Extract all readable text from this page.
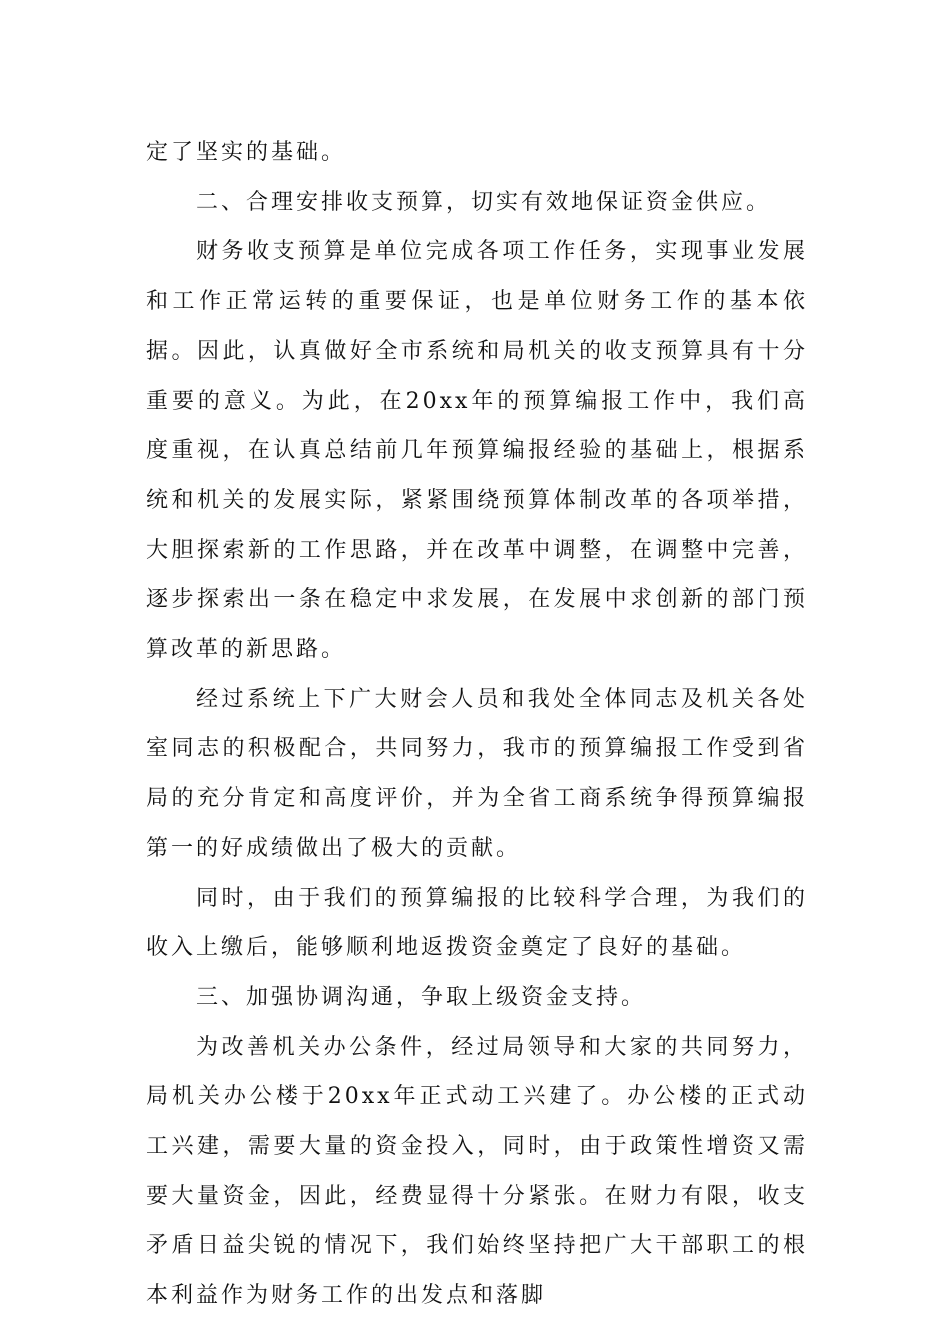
定了坚实的基础。

二、合理安排收支预算，切实有效地保证资金供应。

财务收支预算是单位完成各项工作任务，实现事业发展和工作正常运转的重要保证，也是单位财务工作的基本依据。因此，认真做好全市系统和局机关的收支预算具有十分重要的意义。为此，在20xx年的预算编报工作中，我们高度重视，在认真总结前几年预算编报经验的基础上，根据系统和机关的发展实际，紧紧围绕预算体制改革的各项举措，大胆探索新的工作思路，并在改革中调整，在调整中完善，逐步探索出一条在稳定中求发展，在发展中求创新的部门预算改革的新思路。

经过系统上下广大财会人员和我处全体同志及机关各处室同志的积极配合，共同努力，我市的预算编报工作受到省局的充分肯定和高度评价，并为全省工商系统争得预算编报第一的好成绩做出了极大的贡献。

同时，由于我们的预算编报的比较科学合理，为我们的收入上缴后，能够顺利地返拨资金奠定了良好的基础。

三、加强协调沟通，争取上级资金支持。

为改善机关办公条件，经过局领导和大家的共同努力，局机关办公楼于20xx年正式动工兴建了。办公楼的正式动工兴建，需要大量的资金投入，同时，由于政策性增资又需要大量资金，因此，经费显得十分紧张。在财力有限，收支矛盾日益尖锐的情况下，我们始终坚持把广大干部职工的根本利益作为财务工作的出发点和落脚
